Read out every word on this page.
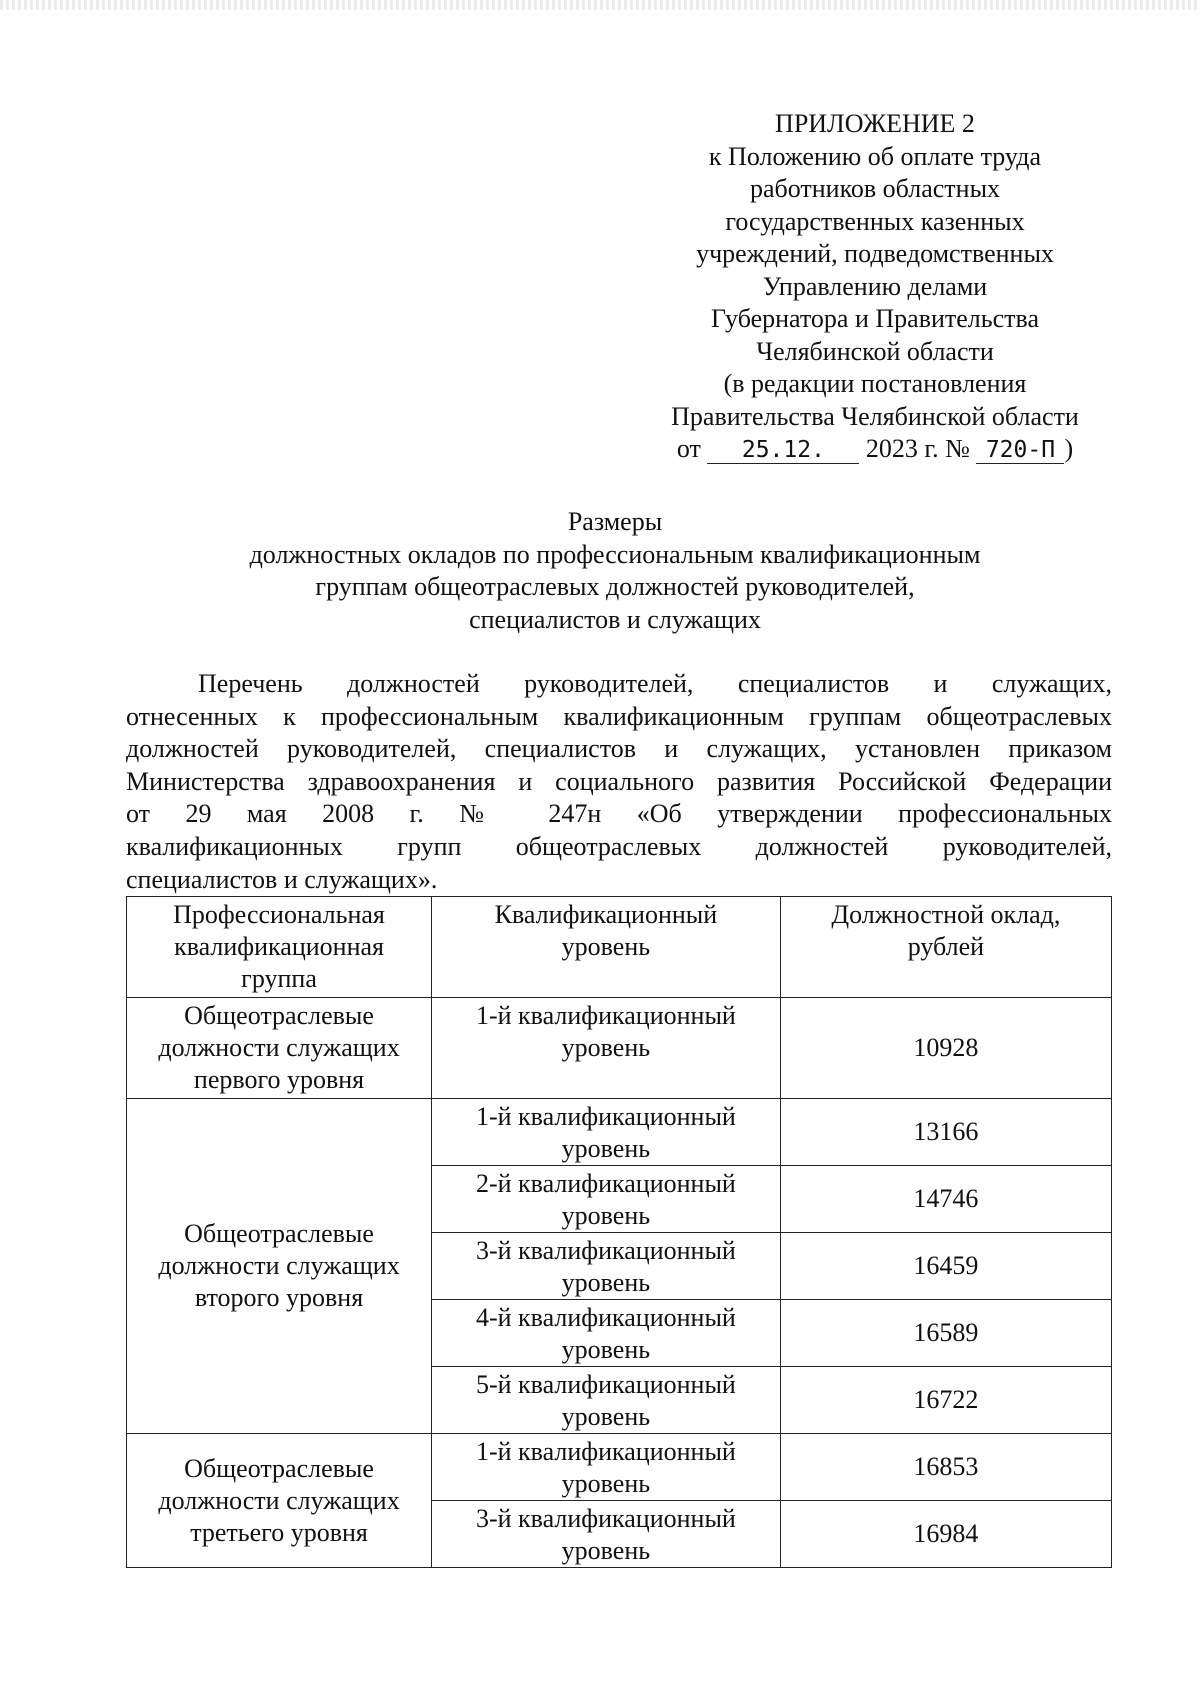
ПРИЛОЖЕНИЕ 2
к Положению об оплате труда
работников областных
государственных казенных
учреждений, подведомственных
Управлению делами
Губернатора и Правительства
Челябинской области
(в редакции постановления
Правительства Челябинской области
от 25.12. 2023 г. № 720-П )
Размеры
должностных окладов по профессиональным квалификационным
группам общеотраслевых должностей руководителей,
специалистов и служащих
Перечень должностей руководителей, специалистов и служащих,
отнесенных к профессиональным квалификационным группам общеотраслевых
должностей руководителей, специалистов и служащих, установлен приказом
Министерства здравоохранения и социального развития Российской Федерации
от 29 мая 2008 г. № 247н «Об утверждении профессиональных
квалификационных групп общеотраслевых должностей руководителей,
специалистов и служащих».
Профессиональная
квалификационная
группа	Квалификационный
уровень	Должностной оклад,
рублей

Общеотраслевые
должности служащих
первого уровня	1-й квалификационный
уровень	10928

Общеотраслевые
должности служащих
второго уровня	1-й квалификационный
уровень	13166

	2-й квалификационный
уровень	14746

	3-й квалификационный
уровень	16459

	4-й квалификационный
уровень	16589

	5-й квалификационный
уровень	16722

Общеотраслевые
должности служащих
третьего уровня	1-й квалификационный
уровень	16853

	3-й квалификационный
уровень	16984
